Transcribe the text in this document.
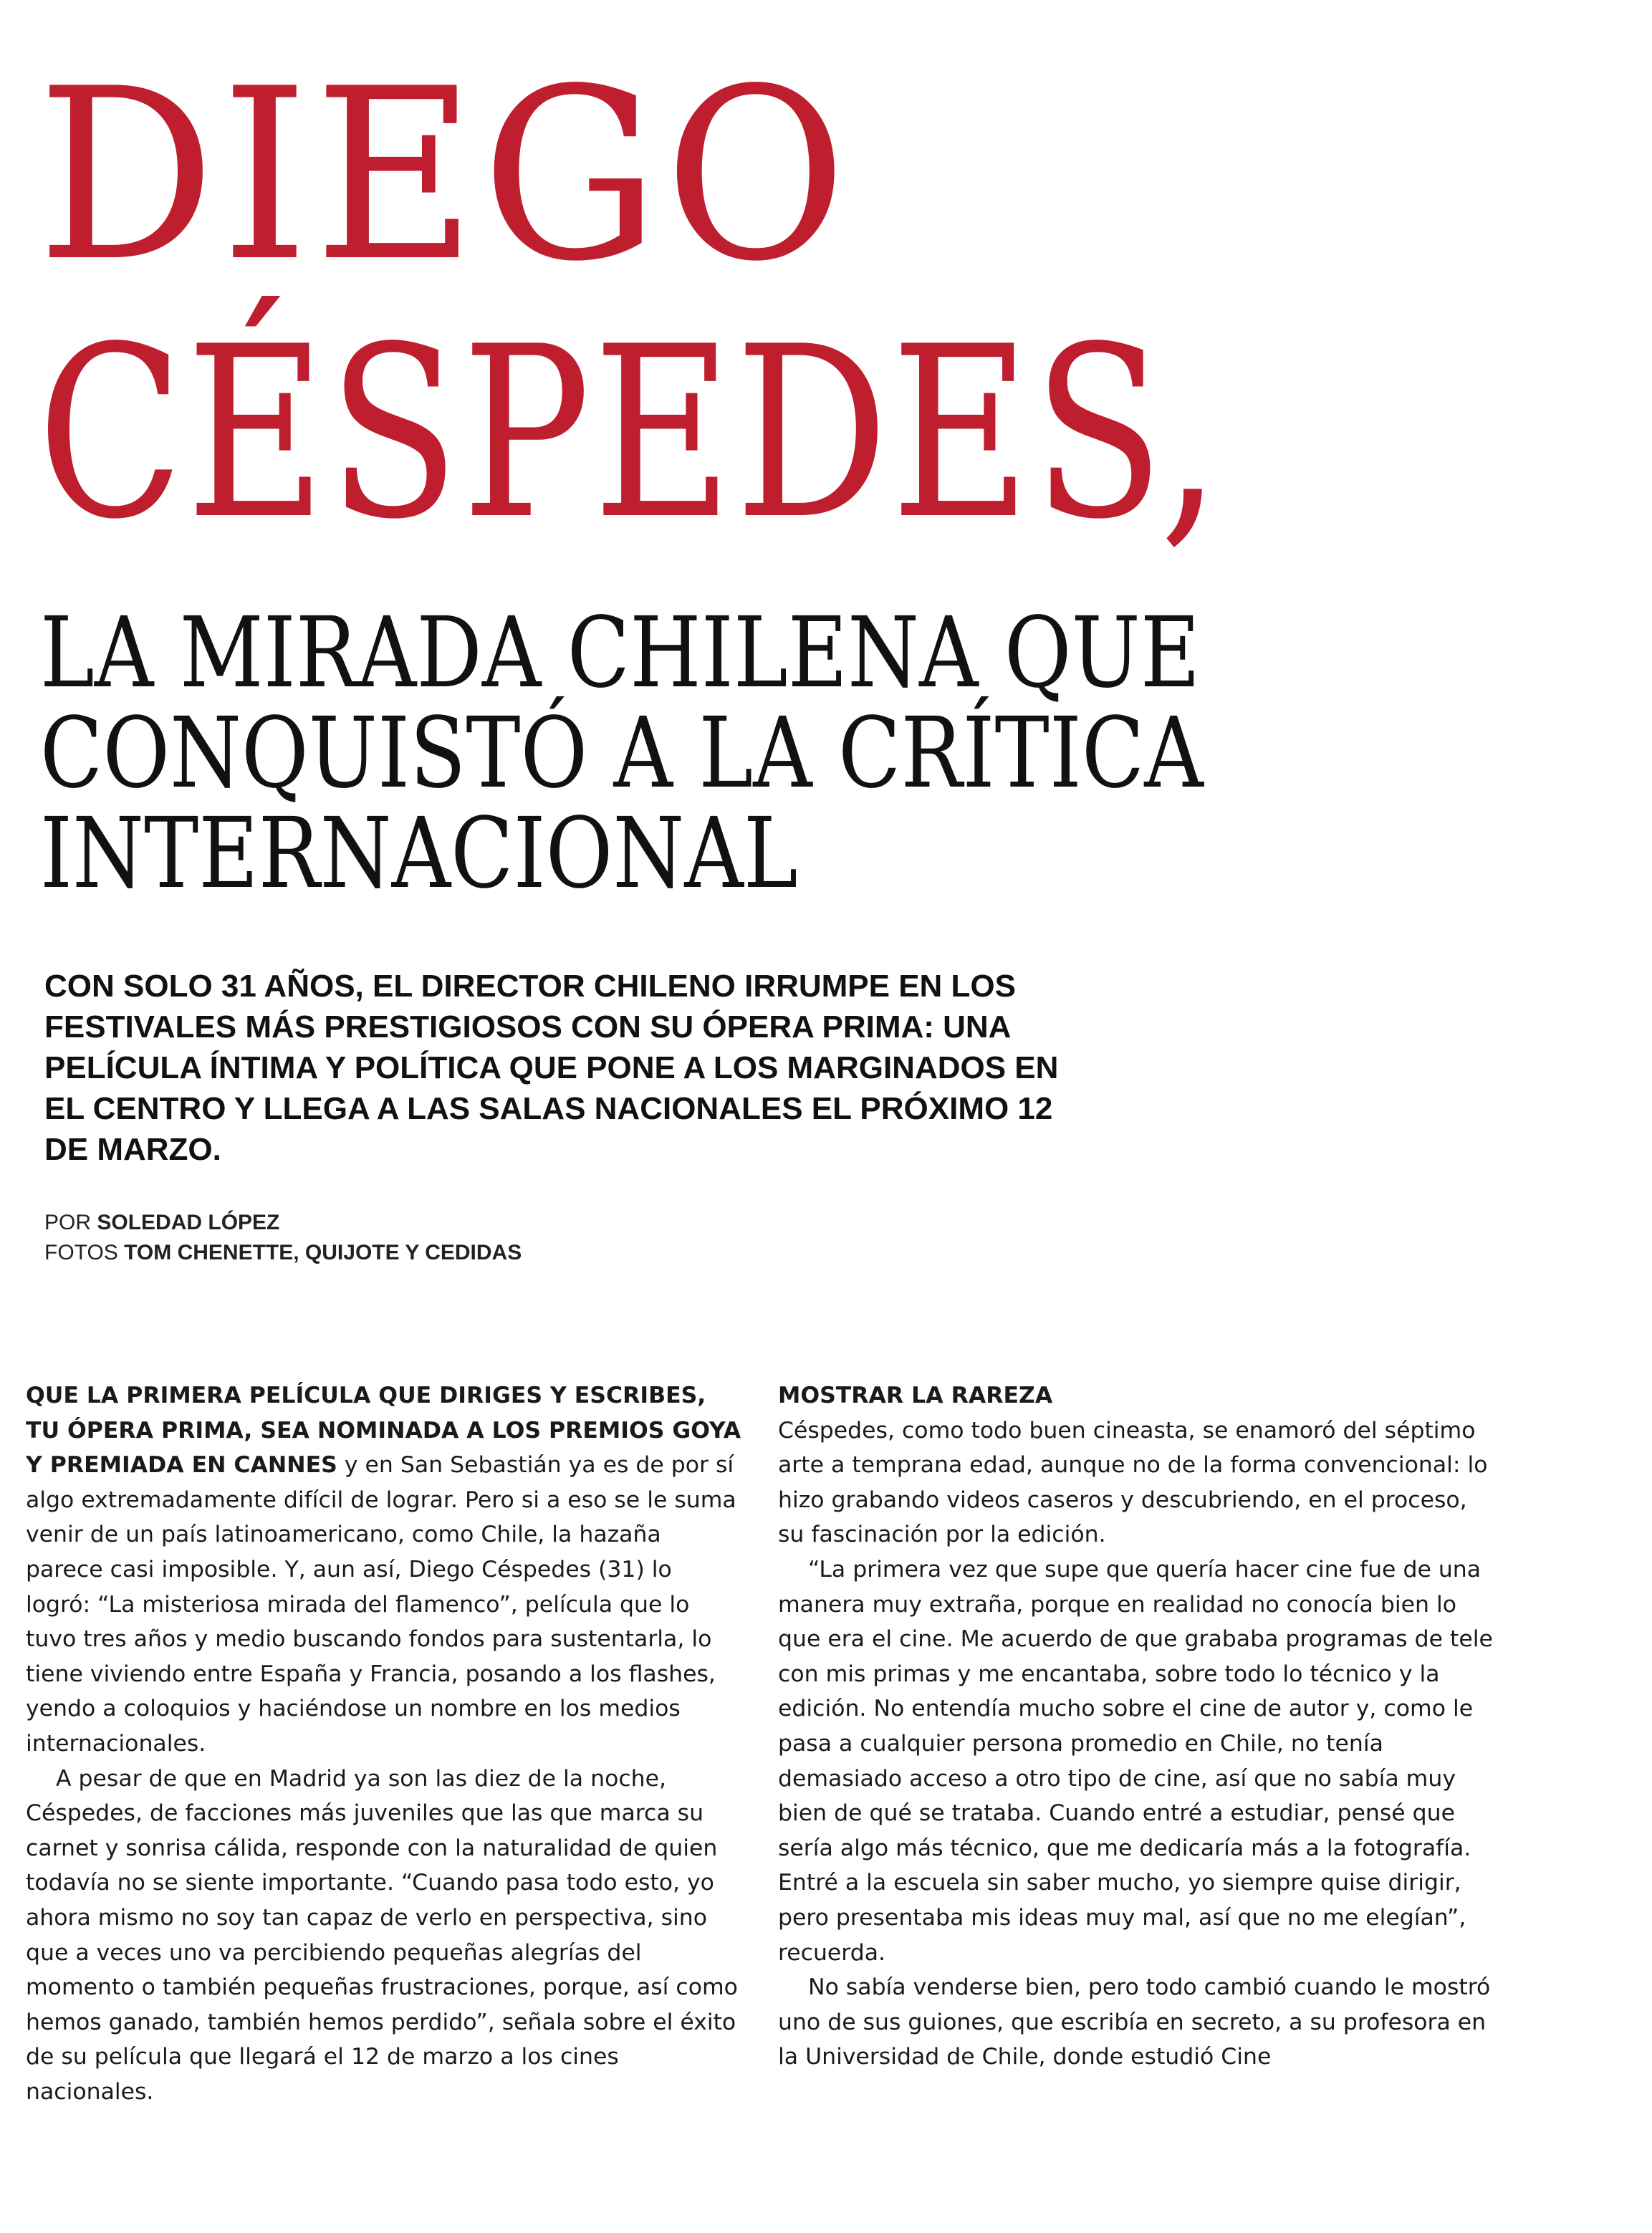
DIEGO
CÉSPEDES,
LA MIRADA CHILENA QUE
CONQUISTÓ A LA CRÍTICA
INTERNACIONAL

CON SOLO 31 AÑOS, EL DIRECTOR CHILENO IRRUMPE EN LOS FESTIVALES MÁS PRESTIGIOSOS CON SU ÓPERA PRIMA: UNA PELÍCULA ÍNTIMA Y POLÍTICA QUE PONE A LOS MARGINADOS EN EL CENTRO Y LLEGA A LAS SALAS NACIONALES EL PRÓXIMO 12 DE MARZO.

POR SOLEDAD LÓPEZ
FOTOS TOM CHENETTE, QUIJOTE Y CEDIDAS

QUE LA PRIMERA PELÍCULA QUE DIRIGES Y ESCRIBES, TU ÓPERA PRIMA, SEA NOMINADA A LOS PREMIOS GOYA Y PREMIADA EN CANNES y en San Sebastián ya es de por sí algo extremadamente difícil de lograr. Pero si a eso se le suma venir de un país latinoamericano, como Chile, la hazaña parece casi imposible. Y, aun así, Diego Céspedes (31) lo logró: “La misteriosa mirada del flamenco”, película que lo tuvo tres años y medio buscando fondos para sustentarla, lo tiene viviendo entre España y Francia, posando a los flashes, yendo a coloquios y haciéndose un nombre en los medios internacionales.

A pesar de que en Madrid ya son las diez de la noche, Céspedes, de facciones más juveniles que las que marca su carnet y sonrisa cálida, responde con la naturalidad de quien todavía no se siente importante. “Cuando pasa todo esto, yo ahora mismo no soy tan capaz de verlo en perspectiva, sino que a veces uno va percibiendo pequeñas alegrías del momento o también pequeñas frustraciones, porque, así como hemos ganado, también hemos perdido”, señala sobre el éxito de su película que llegará el 12 de marzo a los cines nacionales.

MOSTRAR LA RAREZA

Céspedes, como todo buen cineasta, se enamoró del séptimo arte a temprana edad, aunque no de la forma convencional: lo hizo grabando videos caseros y descubriendo, en el proceso, su fascinación por la edición.

“La primera vez que supe que quería hacer cine fue de una manera muy extraña, porque en realidad no conocía bien lo que era el cine. Me acuerdo de que grababa programas de tele con mis primas y me encantaba, sobre todo lo técnico y la edición. No entendía mucho sobre el cine de autor y, como le pasa a cualquier persona promedio en Chile, no tenía demasiado acceso a otro tipo de cine, así que no sabía muy bien de qué se trataba. Cuando entré a estudiar, pensé que sería algo más técnico, que me dedicaría más a la fotografía. Entré a la escuela sin saber mucho, yo siempre quise dirigir, pero presentaba mis ideas muy mal, así que no me elegían”, recuerda.

No sabía venderse bien, pero todo cambió cuando le mostró uno de sus guiones, que escribía en secreto, a su profesora en la Universidad de Chile, donde estudió Cine
